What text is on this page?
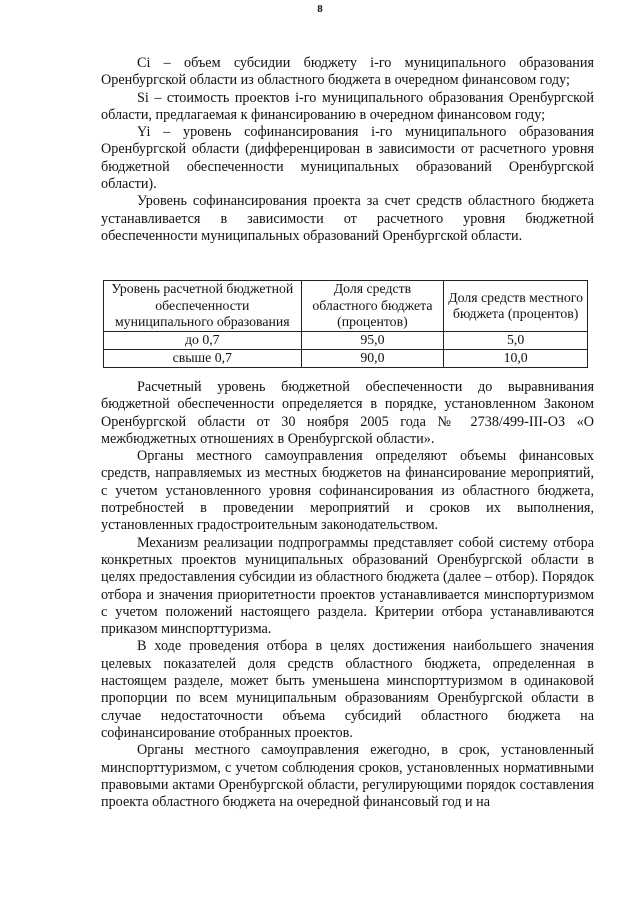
8

Сi – объем субсидии бюджету i-го муниципального образования Оренбургской области из областного бюджета в очередном финансовом году;

Si – стоимость проектов i-го муниципального образования Оренбургской области, предлагаемая к финансированию в очередном финансовом году;

Yi – уровень софинансирования i-го муниципального образования Оренбургской области (дифференцирован в зависимости от расчетного уровня бюджетной обеспеченности муниципальных образований Оренбургской области).

Уровень софинансирования проекта за счет средств областного бюджета устанавливается в зависимости от расчетного уровня бюджетной обеспеченности муниципальных образований Оренбургской области.

Уровень расчетной бюджетной обеспеченности муниципального образования	Доля средств областного бюджета (процентов)	Доля средств местного бюджета (процентов)
до 0,7	95,0	5,0
свыше 0,7	90,0	10,0

Расчетный уровень бюджетной обеспеченности до выравнивания бюджетной обеспеченности определяется в порядке, установленном Законом Оренбургской области от 30 ноября 2005 года № 2738/499-III-ОЗ «О межбюджетных отношениях в Оренбургской области».

Органы местного самоуправления определяют объемы финансовых средств, направляемых из местных бюджетов на финансирование мероприятий, с учетом установленного уровня софинансирования из областного бюджета, потребностей в проведении мероприятий и сроков их выполнения, установленных градостроительным законодательством.

Механизм реализации подпрограммы представляет собой систему отбора конкретных проектов муниципальных образований Оренбургской области в целях предоставления субсидии из областного бюджета (далее – отбор). Порядок отбора и значения приоритетности проектов устанавливается минспортуризмом с учетом положений настоящего раздела. Критерии отбора устанавливаются приказом минспорттуризма.

В ходе проведения отбора в целях достижения наибольшего значения целевых показателей доля средств областного бюджета, определенная в настоящем разделе, может быть уменьшена минспорттуризмом в одинаковой пропорции по всем муниципальным образованиям Оренбургской области в случае недостаточности объема субсидий областного бюджета на софинансирование отобранных проектов.

Органы местного самоуправления ежегодно, в срок, установленный минспорттуризмом, с учетом соблюдения сроков, установленных нормативными правовыми актами Оренбургской области, регулирующими порядок составления проекта областного бюджета на очередной финансовый год и на
